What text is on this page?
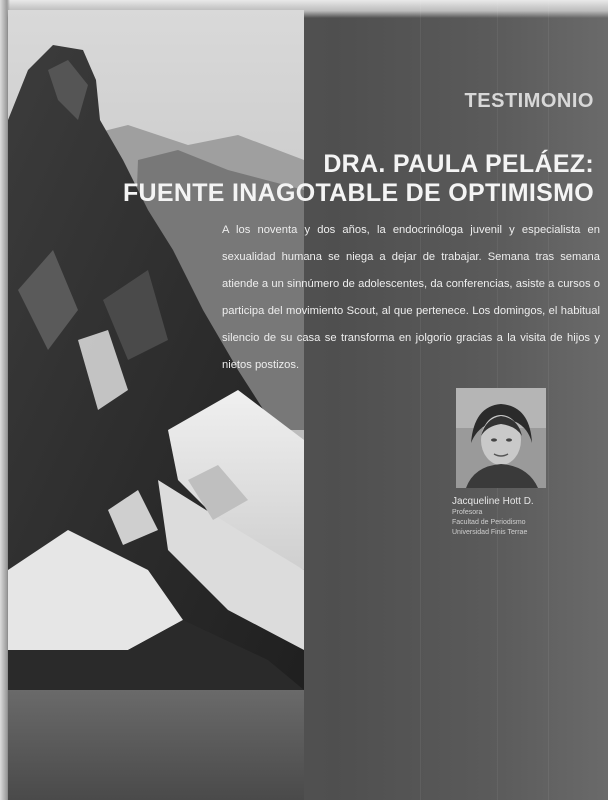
TESTIMONIO
DRA. PAULA PELÁEZ:
FUENTE INAGOTABLE DE OPTIMISMO
A los noventa y dos años, la endocrinóloga juvenil y especialista en sexualidad humana se niega a dejar de trabajar. Semana tras semana atiende a un sinnúmero de adolescentes, da conferencias, asiste a cursos o participa del movimiento Scout, al que pertenece. Los domingos, el habitual silencio de su casa se transforma en jolgorio gracias a la visita de hijos y nietos postizos.
Jacqueline Hott D.
Profesora
Facultad de Periodismo
Universidad Finis Terrae
